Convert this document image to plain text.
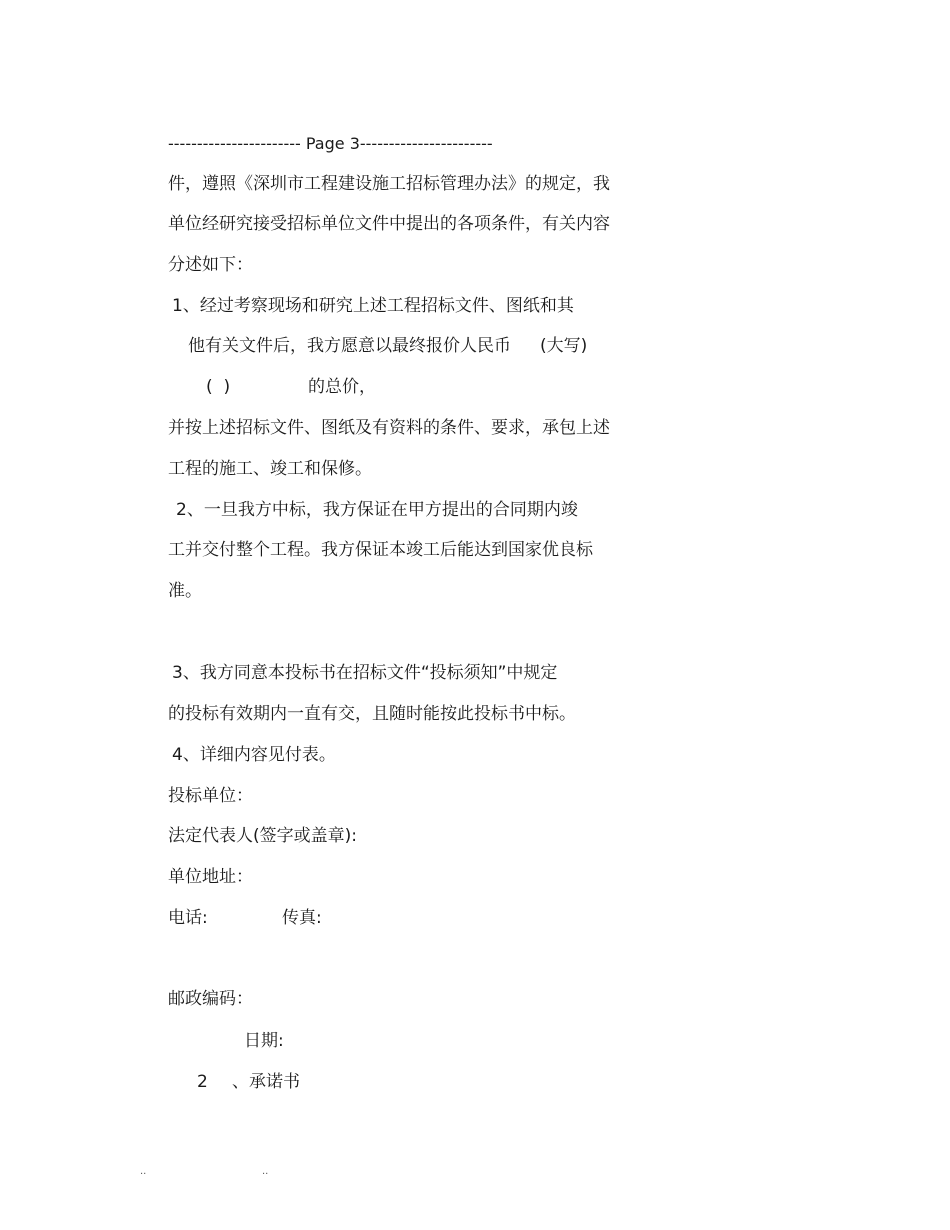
----------------------- Page 3-----------------------
件，遵照《深圳市工程建设施工招标管理办法》的规定，我
单位经研究接受招标单位文件中提出的各项条件，有关内容
分述如下：
1、经过考察现场和研究上述工程招标文件、图纸和其
他有关文件后，我方愿意以最终报价人民币 (大写)
(  )	的总价，
并按上述招标文件、图纸及有资料的条件、要求，承包上述
工程的施工、竣工和保修。
2、一旦我方中标，我方保证在甲方提出的合同期内竣
工并交付整个工程。我方保证本竣工后能达到国家优良标
准。
3、我方同意本投标书在招标文件“投标须知”中规定
的投标有效期内一直有交，且随时能按此投标书中标。
4、详细内容见付表。
投标单位：
法定代表人(签字或盖章):
单位地址：
电话:	传真:
邮政编码：
日期:
2 、承诺书
..	..
